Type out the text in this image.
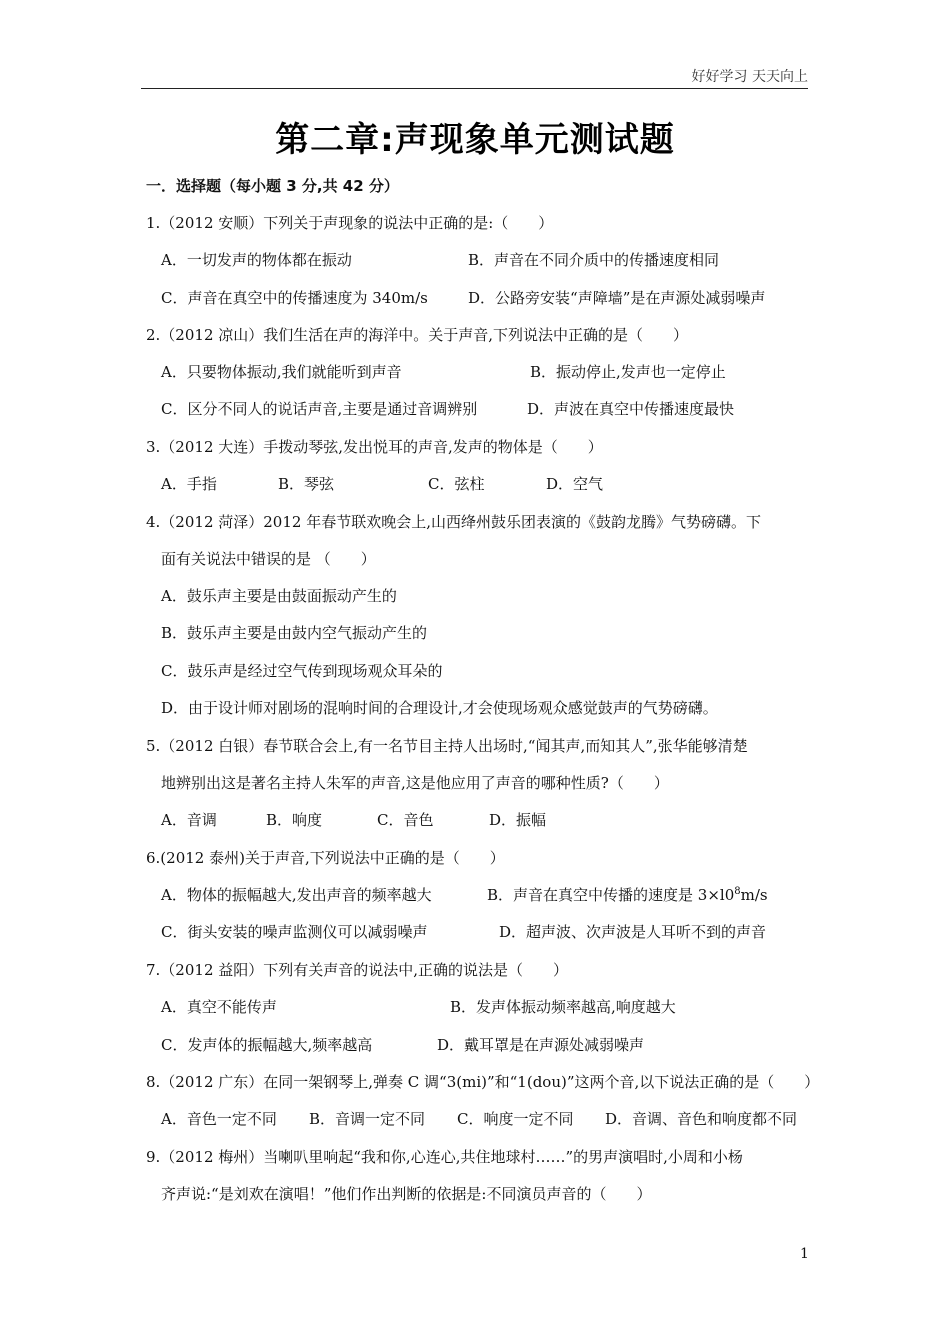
好好学习 天天向上
第二章:声现象单元测试题
一．选择题（每小题 3 分,共 42 分）
1.（2012 安顺）下列关于声现象的说法中正确的是:（　　）
A．一切发声的物体都在振动	B．声音在不同介质中的传播速度相同
C．声音在真空中的传播速度为 340m/s	D．公路旁安装“声障墙”是在声源处减弱噪声
2.（2012 凉山）我们生活在声的海洋中。关于声音,下列说法中正确的是（　　）
A．只要物体振动,我们就能听到声音	B．振动停止,发声也一定停止
C．区分不同人的说话声音,主要是通过音调辨别	D．声波在真空中传播速度最快
3.（2012 大连）手拨动琴弦,发出悦耳的声音,发声的物体是（　　）
A．手指	B．琴弦	C．弦柱	D．空气
4.（2012 菏泽）2012 年春节联欢晚会上,山西绛州鼓乐团表演的《鼓韵龙腾》气势磅礴。下
面有关说法中错误的是 （　　）
A．鼓乐声主要是由鼓面振动产生的
B．鼓乐声主要是由鼓内空气振动产生的
C．鼓乐声是经过空气传到现场观众耳朵的
D．由于设计师对剧场的混响时间的合理设计,才会使现场观众感觉鼓声的气势磅礴。
5.（2012 白银）春节联合会上,有一名节目主持人出场时,“闻其声,而知其人”,张华能够清楚
地辨别出这是著名主持人朱军的声音,这是他应用了声音的哪种性质?（　　）
A．音调	B．响度	C．音色	D．振幅
6.(2012 泰州)关于声音,下列说法中正确的是（　　）
A．物体的振幅越大,发出声音的频率越大	B．声音在真空中传播的速度是 $3\times l0^8m/s$
C．街头安装的噪声监测仪可以减弱噪声	D．超声波、次声波是人耳听不到的声音
7.（2012 益阳）下列有关声音的说法中,正确的说法是（　　）
A．真空不能传声	B．发声体振动频率越高,响度越大
C．发声体的振幅越大,频率越高	D．戴耳罩是在声源处减弱噪声
8.（2012 广东）在同一架钢琴上,弹奏 C 调“3(mi)”和“1(dou)”这两个音,以下说法正确的是（　　）
A．音色一定不同 B．音调一定不同 C．响度一定不同 D．音调、音色和响度都不同
9.（2012 梅州）当喇叭里响起“我和你,心连心,共住地球村……”的男声演唱时,小周和小杨
齐声说:“是刘欢在演唱！”他们作出判断的依据是:不同演员声音的（　　）
1
